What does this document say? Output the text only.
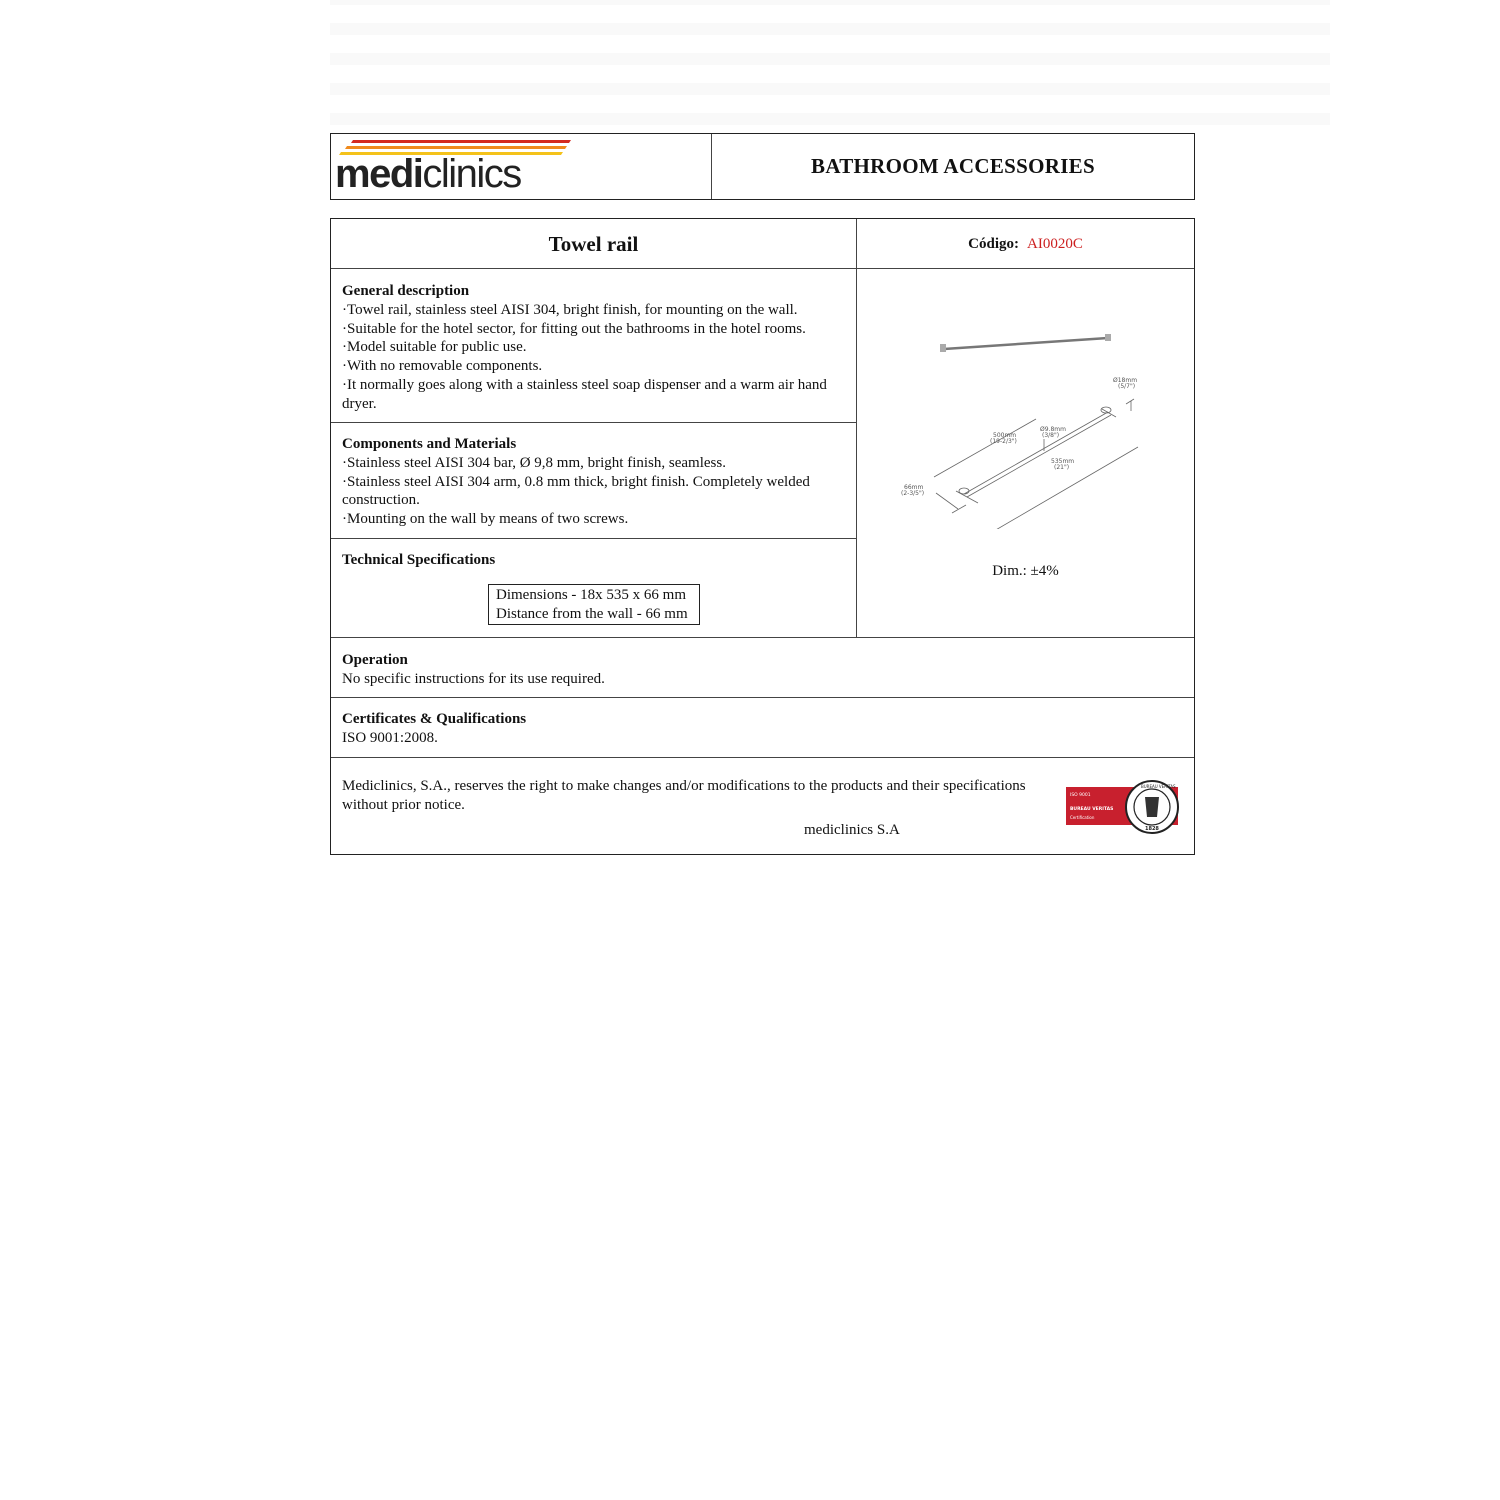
mediclinics	BATHROOM ACCESSORIES
Towel rail	Código: AI0020C
General description
·Towel rail, stainless steel AISI 304, bright finish, for mounting on the wall.
·Suitable for the hotel sector, for fitting out the bathrooms in the hotel rooms.
·Model suitable for public use.
·With no removable components.
·It normally goes along with a stainless steel soap dispenser and a warm air hand dryer.
Components and Materials
·Stainless steel AISI 304 bar, Ø 9,8 mm, bright finish, seamless.
·Stainless steel AISI 304 arm, 0.8 mm thick, bright finish. Completely welded construction.
·Mounting on the wall by means of two screws.
Technical Specifications
Dimensions - 18x 535 x 66 mm
Distance from the wall - 66 mm
Ø18mm
(5/7")
500mm
(19-2/3")
Ø9.8mm
(3/8")
535mm
(21")
66mm
(2-3/5")
Dim.: ±4%
Operation
No specific instructions for its use required.
Certificates & Qualifications
ISO 9001:2008.
Mediclinics, S.A., reserves the right to make changes and/or modifications to the products and their specifications without prior notice.
mediclinics S.A
ISO 9001
BUREAU VERITAS
Certification
BUREAU VERITAS
1828
